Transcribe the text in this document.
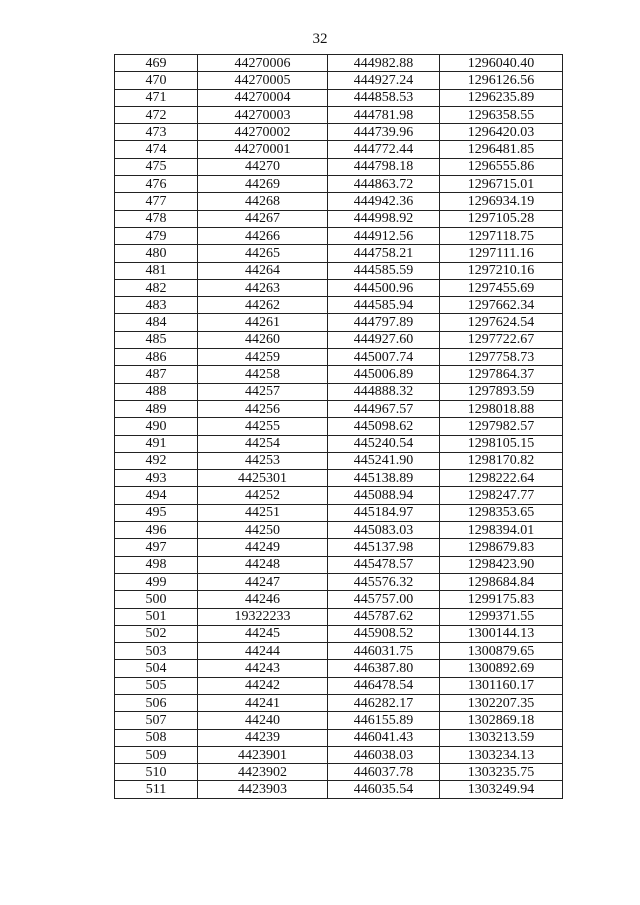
32
469	44270006	444982.88	1296040.40
470	44270005	444927.24	1296126.56
471	44270004	444858.53	1296235.89
472	44270003	444781.98	1296358.55
473	44270002	444739.96	1296420.03
474	44270001	444772.44	1296481.85
475	44270	444798.18	1296555.86
476	44269	444863.72	1296715.01
477	44268	444942.36	1296934.19
478	44267	444998.92	1297105.28
479	44266	444912.56	1297118.75
480	44265	444758.21	1297111.16
481	44264	444585.59	1297210.16
482	44263	444500.96	1297455.69
483	44262	444585.94	1297662.34
484	44261	444797.89	1297624.54
485	44260	444927.60	1297722.67
486	44259	445007.74	1297758.73
487	44258	445006.89	1297864.37
488	44257	444888.32	1297893.59
489	44256	444967.57	1298018.88
490	44255	445098.62	1297982.57
491	44254	445240.54	1298105.15
492	44253	445241.90	1298170.82
493	4425301	445138.89	1298222.64
494	44252	445088.94	1298247.77
495	44251	445184.97	1298353.65
496	44250	445083.03	1298394.01
497	44249	445137.98	1298679.83
498	44248	445478.57	1298423.90
499	44247	445576.32	1298684.84
500	44246	445757.00	1299175.83
501	19322233	445787.62	1299371.55
502	44245	445908.52	1300144.13
503	44244	446031.75	1300879.65
504	44243	446387.80	1300892.69
505	44242	446478.54	1301160.17
506	44241	446282.17	1302207.35
507	44240	446155.89	1302869.18
508	44239	446041.43	1303213.59
509	4423901	446038.03	1303234.13
510	4423902	446037.78	1303235.75
511	4423903	446035.54	1303249.94
